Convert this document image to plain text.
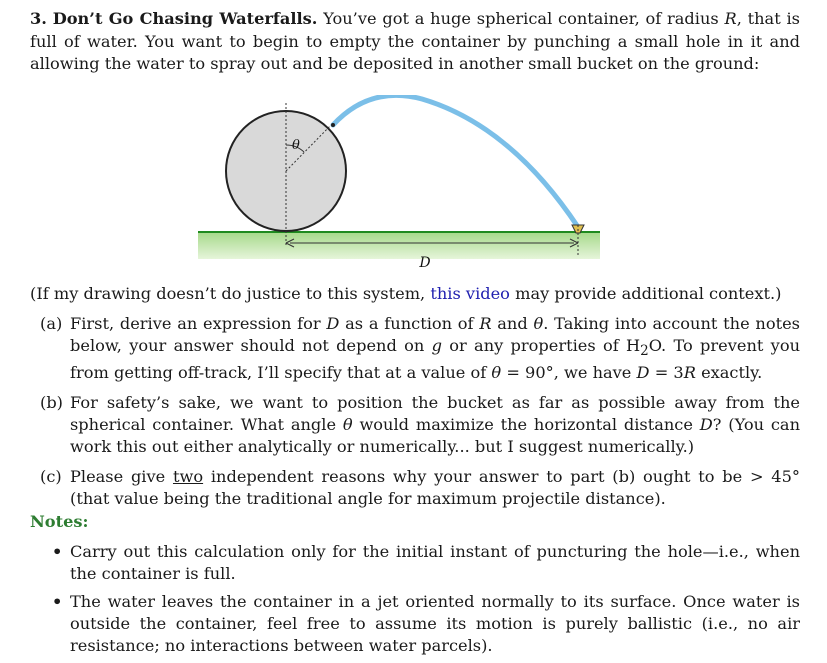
3. Don’t Go Chasing Waterfalls. You’ve got a huge spherical container, of radius R, that is full of water. You want to begin to empty the container by punching a small hole in it and allowing the water to spray out and be deposited in another small bucket on the ground:
θ
D
(If my drawing doesn’t do justice to this system, this video may provide additional context.)
(a) First, derive an expression for D as a function of R and θ. Taking into account the notes below, your answer should not depend on g or any properties of $H_2O$. To prevent you from getting off-track, I’ll specify that at a value of θ = 90°, we have D = 3R exactly.
(b) For safety’s sake, we want to position the bucket as far as possible away from the spherical container. What angle θ would maximize the horizontal distance D? (You can work this out either analytically or numerically... but I suggest numerically.)
(c) Please give two independent reasons why your answer to part (b) ought to be > 45° (that value being the traditional angle for maximum projectile distance).
Notes:
• Carry out this calculation only for the initial instant of puncturing the hole—i.e., when the container is full.
• The water leaves the container in a jet oriented normally to its surface. Once water is outside the container, feel free to assume its motion is purely ballistic (i.e., no air resistance; no interactions between water parcels).
